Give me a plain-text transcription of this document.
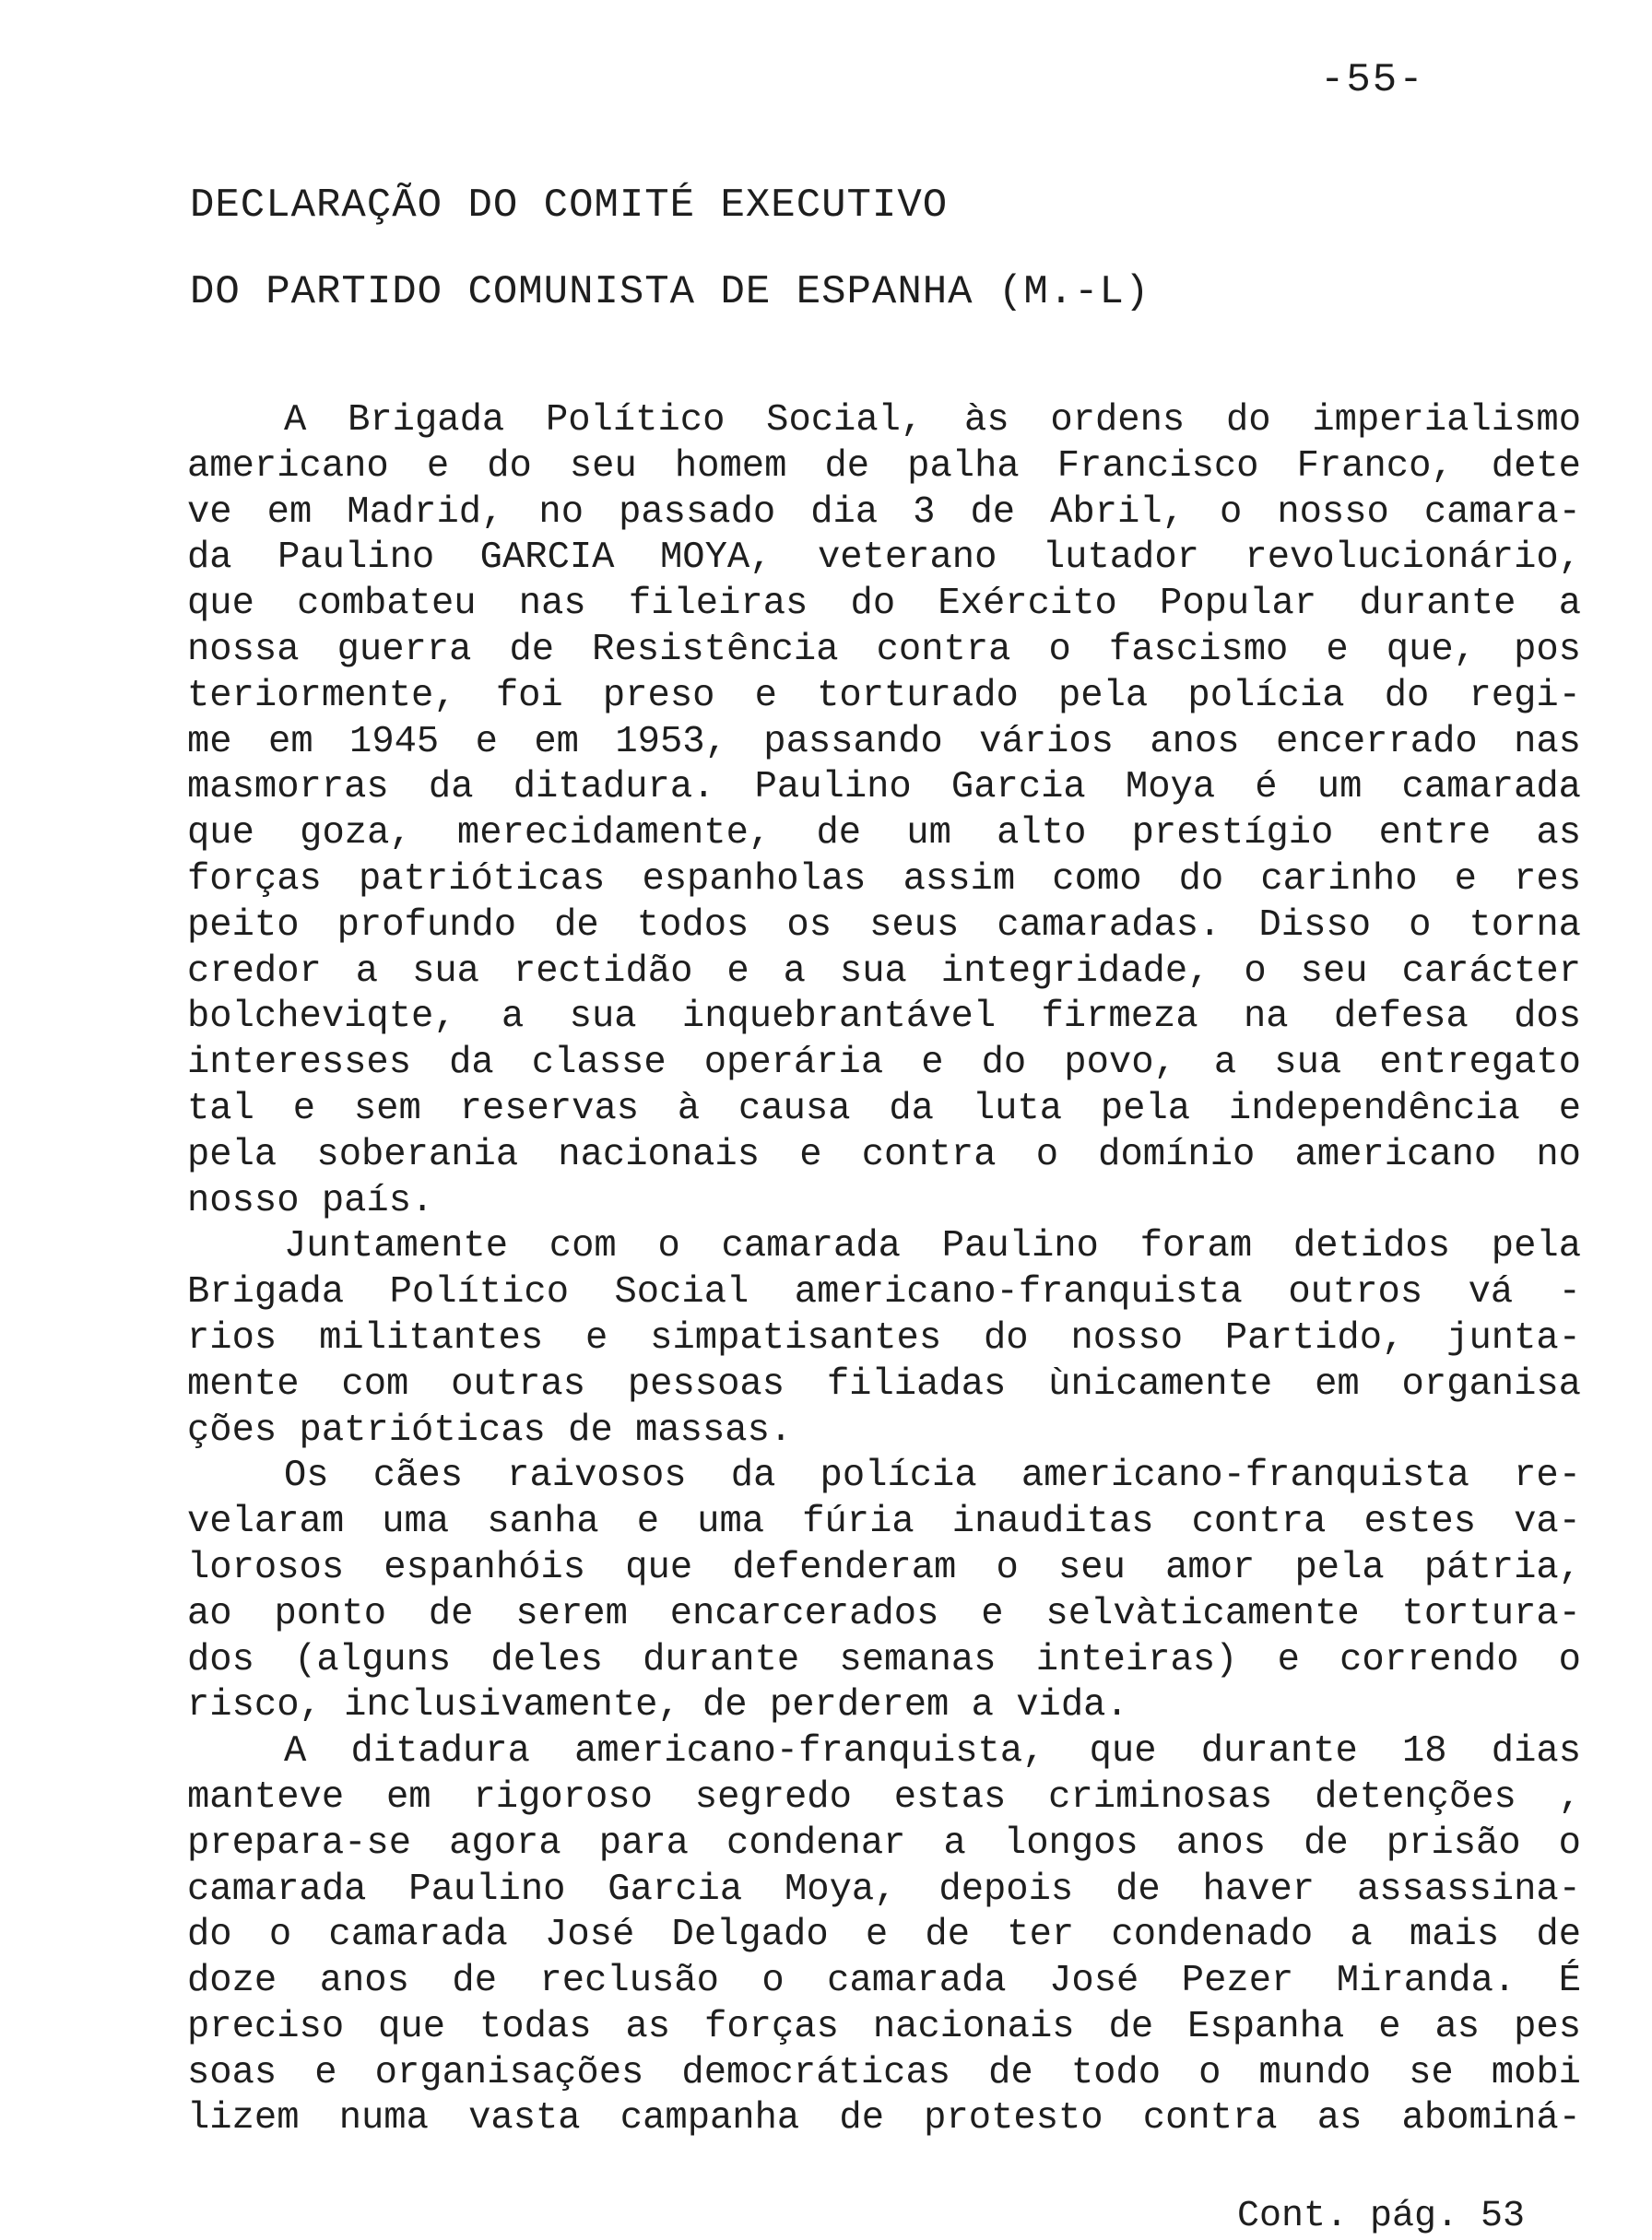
-55-
DECLARAÇÃO DO COMITÉ EXECUTIVO
DO PARTIDO COMUNISTA DE ESPANHA (M.-L)
A Brigada Político Social, às ordens do imperialismo
americano e do seu homem de palha Francisco Franco, dete
ve em Madrid, no passado dia 3 de Abril, o nosso camara-
da Paulino GARCIA MOYA, veterano lutador revolucionário,
que combateu nas fileiras do Exército Popular durante a
nossa guerra de Resistência contra o fascismo e que, pos
teriormente, foi preso e torturado pela polícia do regi-
me em 1945 e em 1953, passando vários anos encerrado nas
masmorras da ditadura. Paulino Garcia Moya é um camarada
que goza, merecidamente, de um alto prestígio entre as
forças patrióticas espanholas assim como do carinho e res
peito profundo de todos os seus camaradas. Disso o torna
credor a sua rectidão e a sua integridade, o seu carácter
bolcheviqte, a sua inquebrantável firmeza na defesa dos
interesses da classe operária e do povo, a sua entregato
tal e sem reservas à causa da luta pela independência e
pela soberania nacionais e contra o domínio americano no
nosso país.
Juntamente com o camarada Paulino foram detidos pela
Brigada Político Social americano-franquista outros vá -
rios militantes e simpatisantes do nosso Partido, junta-
mente com outras pessoas filiadas ùnicamente em organisa
ções patrióticas de massas.
Os cães raivosos da polícia americano-franquista re-
velaram uma sanha e uma fúria inauditas contra estes va-
lorosos espanhóis que defenderam o seu amor pela pátria,
ao ponto de serem encarcerados e selvàticamente tortura-
dos (alguns deles durante semanas inteiras) e correndo o
risco, inclusivamente, de perderem a vida.
A ditadura americano-franquista, que durante 18 dias
manteve em rigoroso segredo estas criminosas detenções ,
prepara-se agora para condenar a longos anos de prisão o
camarada Paulino Garcia Moya, depois de haver assassina-
do o camarada José Delgado e de ter condenado a mais de
doze anos de reclusão o camarada José Pezer Miranda. É
preciso que todas as forças nacionais de Espanha e as pes
soas e organisações democráticas de todo o mundo se mobi
lizem numa vasta campanha de protesto contra as abominá-
Cont. pág. 53
